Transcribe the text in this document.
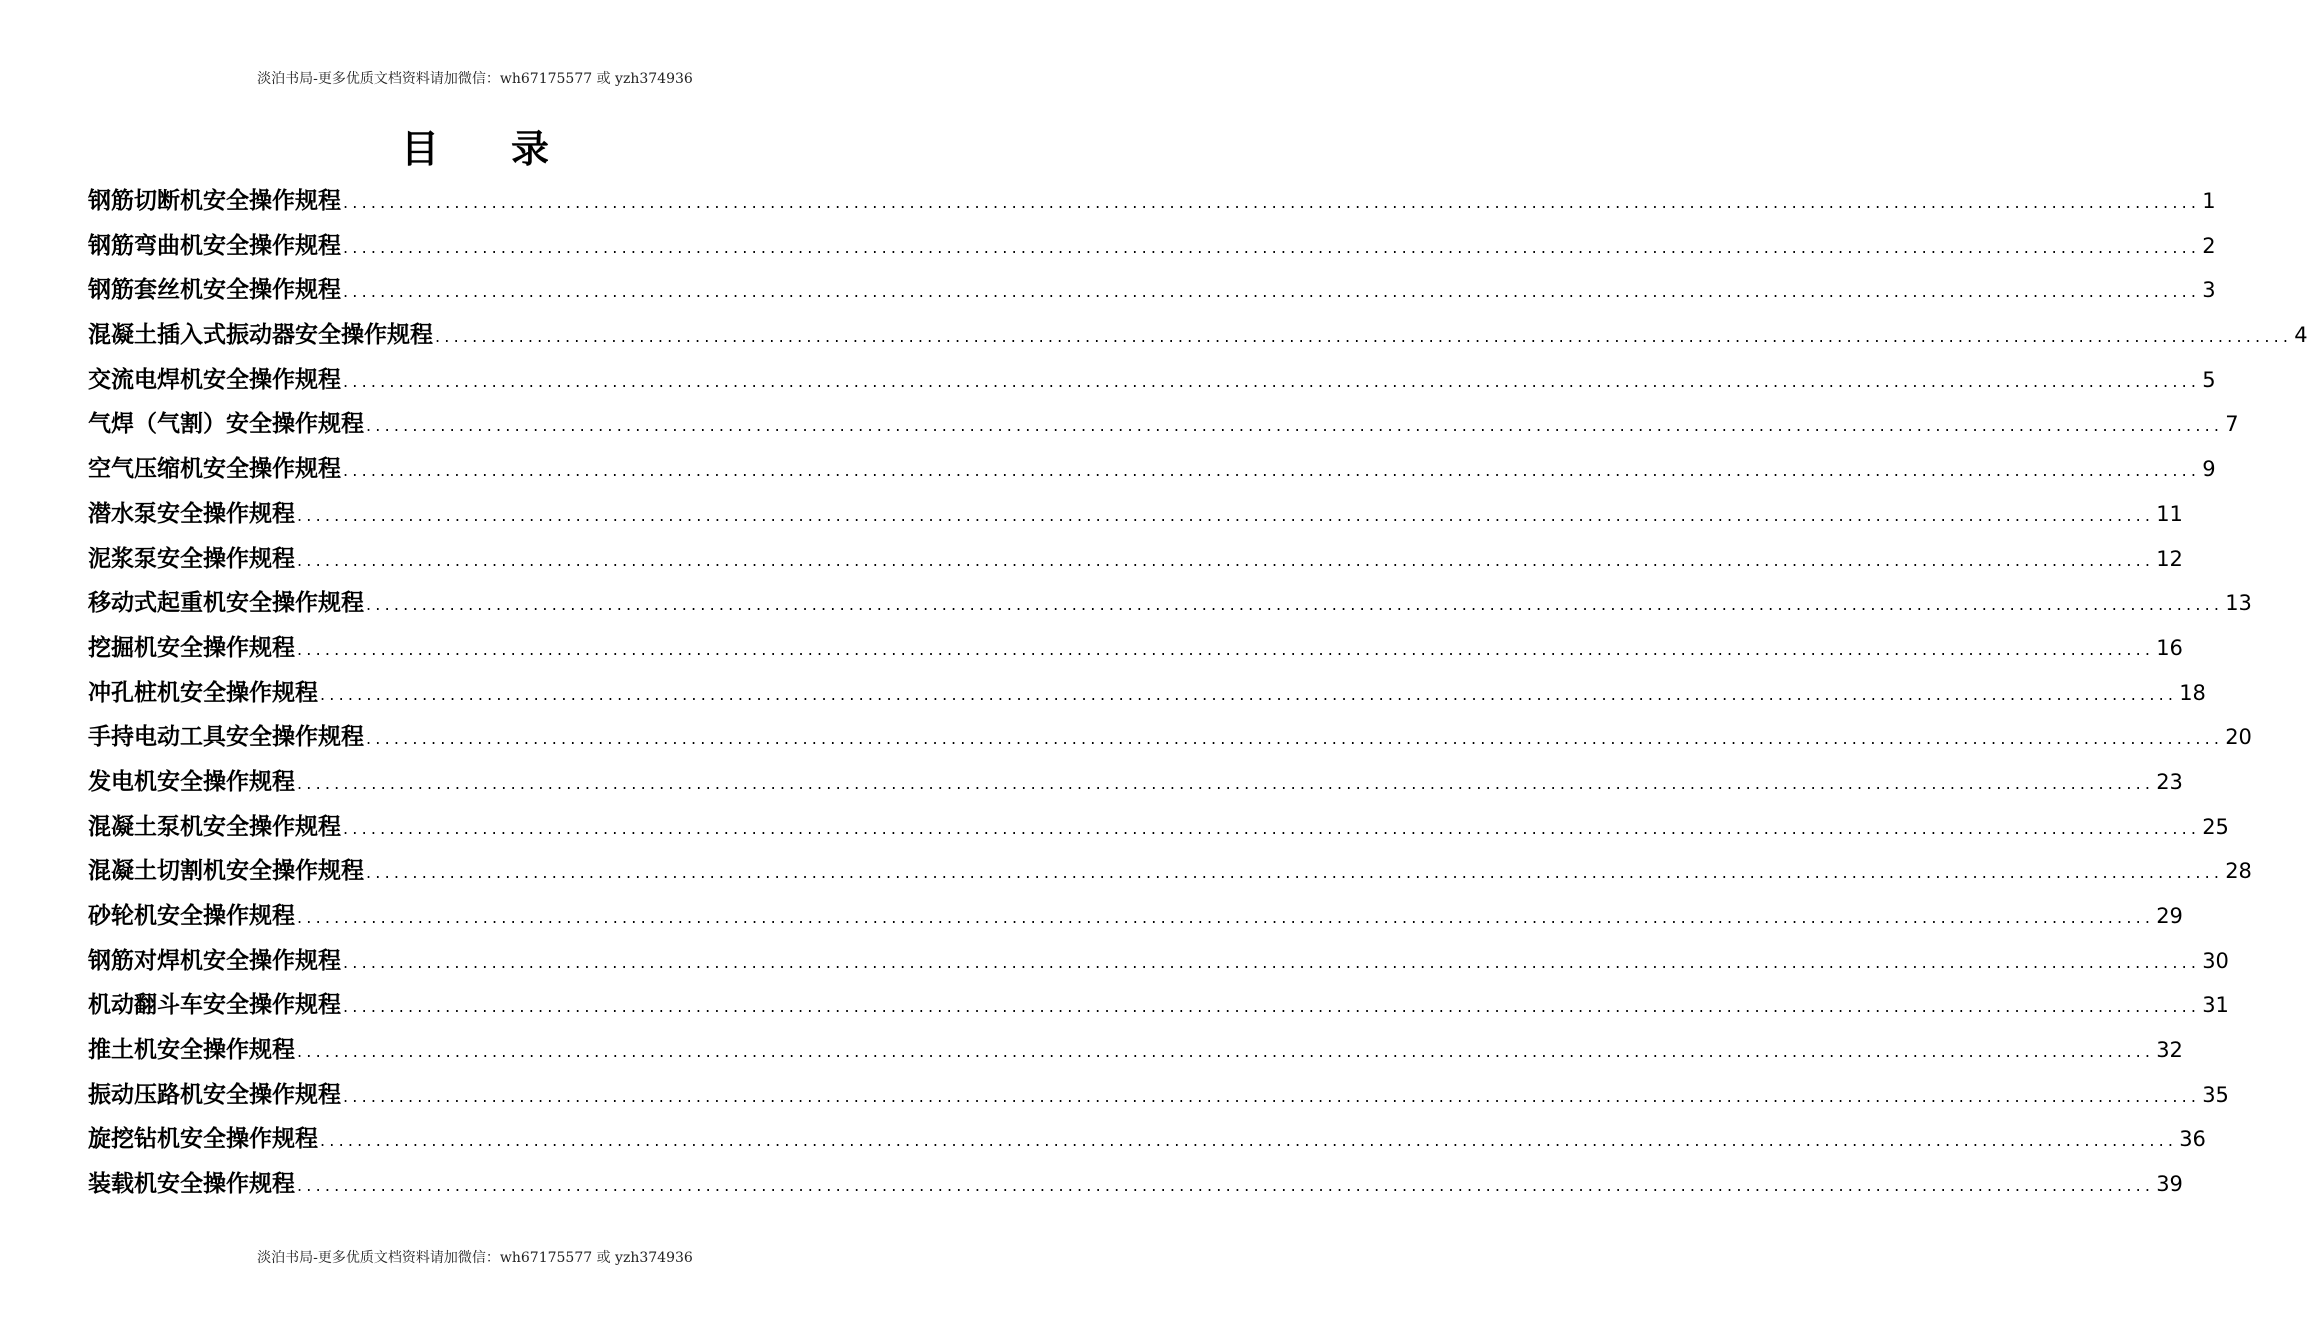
淡泊书局-更多优质文档资料请加微信：wh67175577 或 yzh374936
目录
钢筋切断机安全操作规程 ........................................................................................................................................................................................................ 1
钢筋弯曲机安全操作规程 ........................................................................................................................................................................................................ 2
钢筋套丝机安全操作规程 ........................................................................................................................................................................................................ 3
混凝土插入式振动器安全操作规程 ........................................................................................................................................................................................................ 4
交流电焊机安全操作规程 ........................................................................................................................................................................................................ 5
气焊（气割）安全操作规程 ........................................................................................................................................................................................................ 7
空气压缩机安全操作规程 ........................................................................................................................................................................................................ 9
潜水泵安全操作规程 ........................................................................................................................................................................................................ 11
泥浆泵安全操作规程 ........................................................................................................................................................................................................ 12
移动式起重机安全操作规程 ........................................................................................................................................................................................................ 13
挖掘机安全操作规程 ........................................................................................................................................................................................................ 16
冲孔桩机安全操作规程 ........................................................................................................................................................................................................ 18
手持电动工具安全操作规程 ........................................................................................................................................................................................................ 20
发电机安全操作规程 ........................................................................................................................................................................................................ 23
混凝土泵机安全操作规程 ........................................................................................................................................................................................................ 25
混凝土切割机安全操作规程 ........................................................................................................................................................................................................ 28
砂轮机安全操作规程 ........................................................................................................................................................................................................ 29
钢筋对焊机安全操作规程 ........................................................................................................................................................................................................ 30
机动翻斗车安全操作规程 ........................................................................................................................................................................................................ 31
推土机安全操作规程 ........................................................................................................................................................................................................ 32
振动压路机安全操作规程 ........................................................................................................................................................................................................ 35
旋挖钻机安全操作规程 ........................................................................................................................................................................................................ 36
装载机安全操作规程 ........................................................................................................................................................................................................ 39
淡泊书局-更多优质文档资料请加微信：wh67175577 或 yzh374936
